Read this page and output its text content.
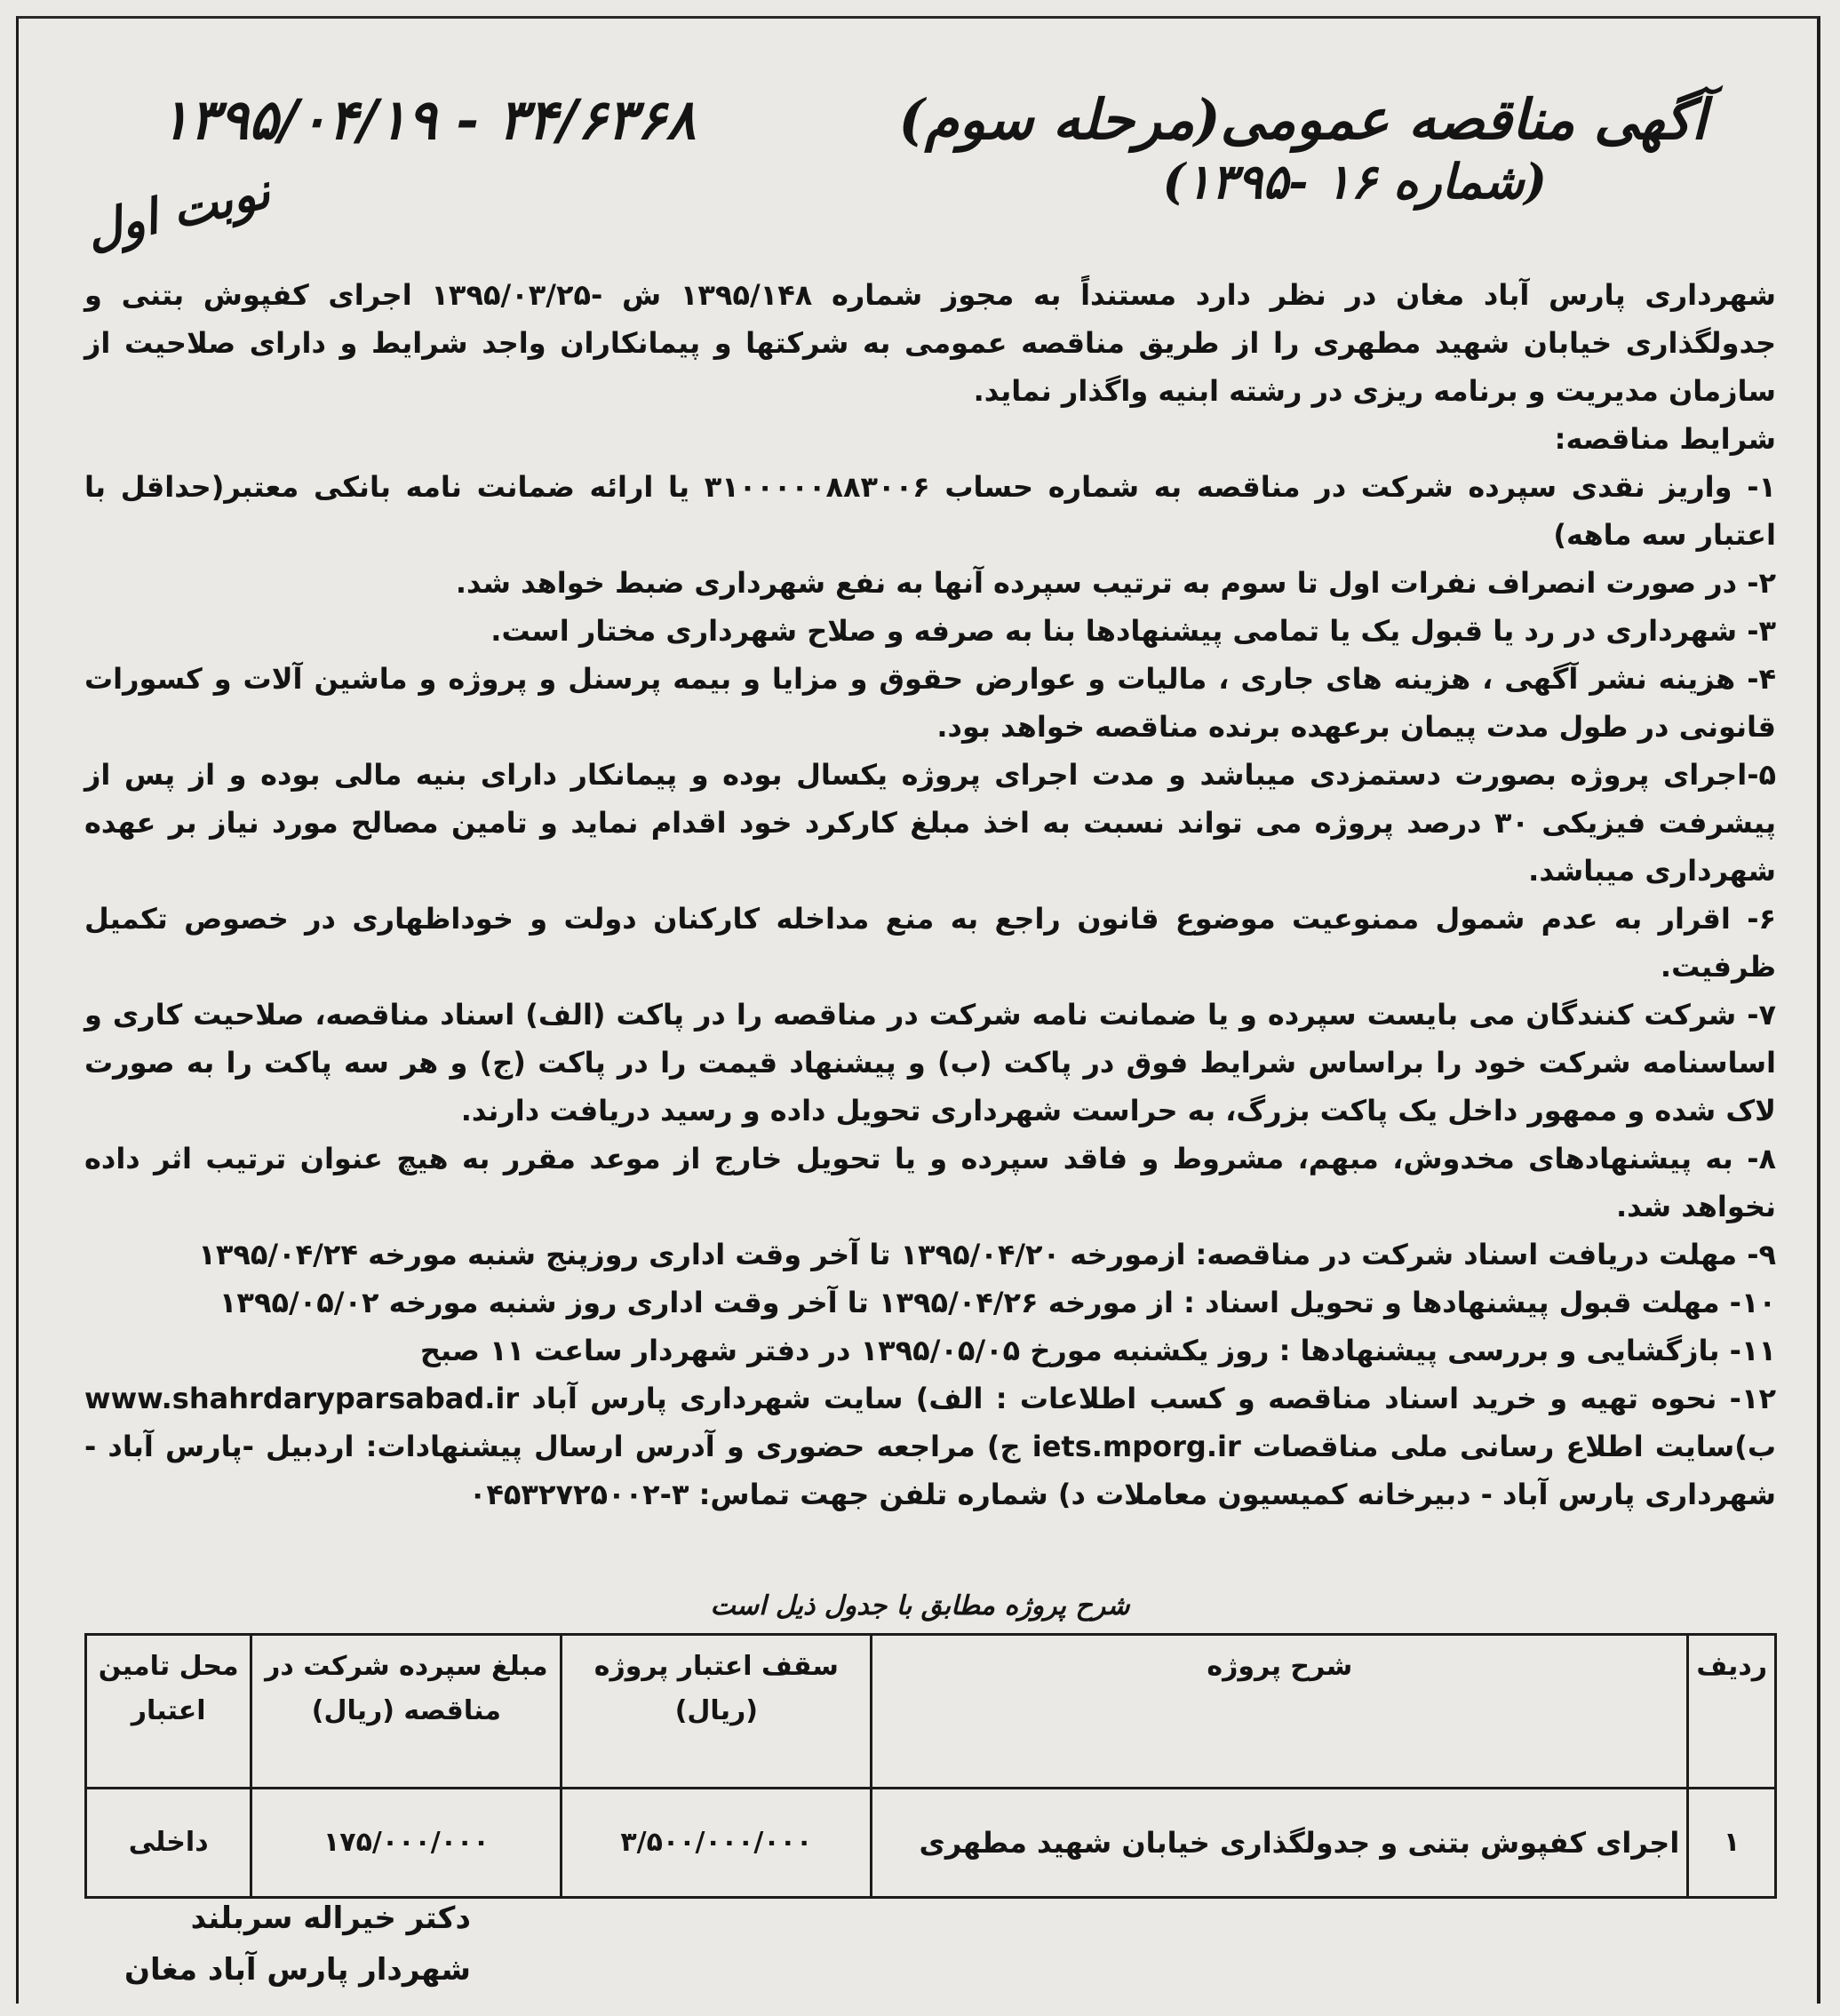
آگهی مناقصه عمومی(مرحله سوم)
۱۳۹۵/۰۴/۱۹ - ۳۴/۶۳۶۸
(شماره ۱۶ -۱۳۹۵)
نوبت اول

شهرداری پارس آباد مغان در نظر دارد مستنداً به مجوز شماره ۱۳۹۵/۱۴۸ ش -۱۳۹۵/۰۳/۲۵ اجرای کفپوش بتنی و جدولگذاری خیابان شهید مطهری را از طریق مناقصه عمومی به شرکتها و پیمانکاران واجد شرایط و دارای صلاحیت از سازمان مدیریت و برنامه ریزی در رشته ابنیه واگذار نماید.

شرایط مناقصه:

۱- واریز نقدی سپرده شرکت در مناقصه به شماره حساب ۳۱۰۰۰۰۰۸۸۳۰۰۶ یا ارائه ضمانت نامه بانکی معتبر(حداقل با اعتبار سه ماهه)

۲- در صورت انصراف نفرات اول تا سوم به ترتیب سپرده آنها به نفع شهرداری ضبط خواهد شد.

۳- شهرداری در رد یا قبول یک یا تمامی پیشنهادها بنا به صرفه و صلاح شهرداری مختار است.

۴- هزینه نشر آگهی ، هزینه های جاری ، مالیات و عوارض حقوق و مزایا و بیمه پرسنل و پروژه و ماشین آلات و کسورات قانونی در طول مدت پیمان برعهده برنده مناقصه خواهد بود.

۵-اجرای پروژه بصورت دستمزدی میباشد و مدت اجرای پروژه یکسال بوده و پیمانکار دارای بنیه مالی بوده و از پس از پیشرفت فیزیکی ۳۰ درصد پروژه می تواند نسبت به اخذ مبلغ کارکرد خود اقدام نماید و تامین مصالح مورد نیاز بر عهده شهرداری میباشد.

۶- اقرار به عدم شمول ممنوعیت موضوع قانون راجع به منع مداخله کارکنان دولت و خوداظهاری در خصوص تکمیل ظرفیت.

۷- شرکت کنندگان می بایست سپرده و یا ضمانت نامه شرکت در مناقصه را در پاکت (الف) اسناد مناقصه، صلاحیت کاری و اساسنامه شرکت خود را براساس شرایط فوق در پاکت (ب) و پیشنهاد قیمت را در پاکت (ج) و هر سه پاکت را به صورت لاک شده و ممهور داخل یک پاکت بزرگ، به حراست شهرداری تحویل داده و رسید دریافت دارند.

۸- به پیشنهادهای مخدوش، مبهم، مشروط و فاقد سپرده و یا تحویل خارج از موعد مقرر به هیچ عنوان ترتیب اثر داده نخواهد شد.

۹- مهلت دریافت اسناد شرکت در مناقصه: ازمورخه ۱۳۹۵/۰۴/۲۰ تا آخر وقت اداری روزپنج شنبه مورخه ۱۳۹۵/۰۴/۲۴

۱۰- مهلت قبول پیشنهادها و تحویل اسناد : از مورخه ۱۳۹۵/۰۴/۲۶ تا آخر وقت اداری روز شنبه مورخه ۱۳۹۵/۰۵/۰۲

۱۱- بازگشایی و بررسی پیشنهادها : روز یکشنبه مورخ ۱۳۹۵/۰۵/۰۵ در دفتر شهردار ساعت ۱۱ صبح

۱۲- نحوه تهیه و خرید اسناد مناقصه و کسب اطلاعات : الف) سایت شهرداری پارس آباد www.shahrdaryparsabad.ir ب)سایت اطلاع رسانی ملی مناقصات iets.mporg.ir ج) مراجعه حضوری و آدرس ارسال پیشنهادات: اردبیل -پارس آباد - شهرداری پارس آباد - دبیرخانه کمیسیون معاملات د) شماره تلفن جهت تماس: ۳-۰۴۵۳۲۷۲۵۰۰۲

شرح پروژه مطابق با جدول ذیل است
ردیف	شرح پروژه	سقف اعتبار پروژه (ریال)	مبلغ سپرده شرکت در مناقصه (ریال)	محل تامین اعتبار
۱	اجرای کفپوش بتنی و جدولگذاری خیابان شهید مطهری	۳/۵۰۰/۰۰۰/۰۰۰	۱۷۵/۰۰۰/۰۰۰	داخلی
دکتر خیراله سربلند
شهردار پارس آباد مغان
